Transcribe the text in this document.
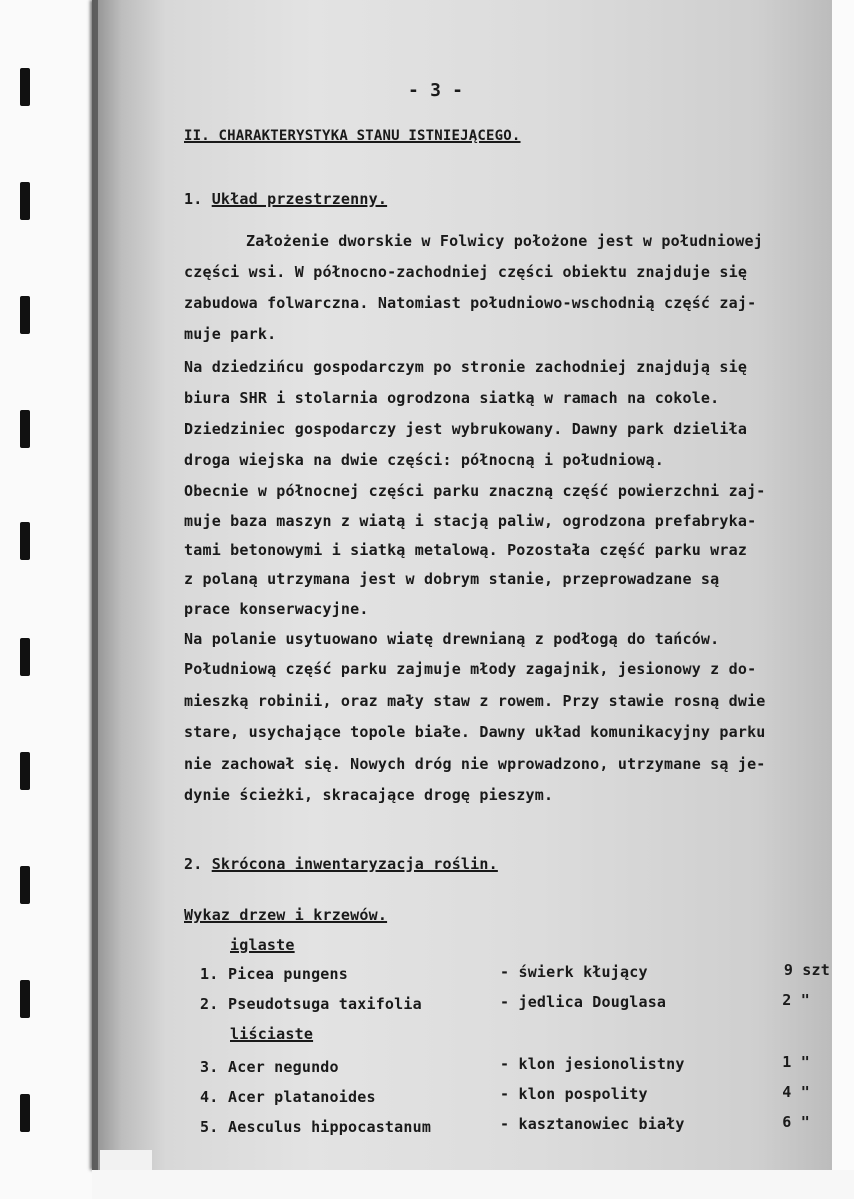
- 3 -
II. CHARAKTERYSTYKA STANU ISTNIEJĄCEGO.
1. Układ przestrzenny.
Założenie dworskie w Folwicy położone jest w południowej
części wsi. W północno-zachodniej części obiektu znajduje się
zabudowa folwarczna. Natomiast południowo-wschodnią część zaj-
muje park.
Na dziedzińcu gospodarczym po stronie zachodniej znajdują się
biura SHR i stolarnia ogrodzona siatką w ramach na cokole.
Dziedziniec gospodarczy jest wybrukowany. Dawny park dzieliła
droga wiejska na dwie części: północną i południową.
Obecnie w północnej części parku znaczną część powierzchni zaj-
muje baza maszyn z wiatą i stacją paliw, ogrodzona prefabryka-
tami betonowymi i siatką metalową. Pozostała część parku wraz
z polaną utrzymana jest w dobrym stanie, przeprowadzane są
prace konserwacyjne.
Na polanie usytuowano wiatę drewnianą z podłogą do tańców.
Południową część parku zajmuje młody zagajnik, jesionowy z do-
mieszką robinii, oraz mały staw z rowem. Przy stawie rosną dwie
stare, usychające topole białe. Dawny układ komunikacyjny parku
nie zachował się. Nowych dróg nie wprowadzono, utrzymane są je-
dynie ścieżki, skracające drogę pieszym.
2. Skrócona inwentaryzacja roślin.
Wykaz drzew i krzewów.
iglaste
1. Picea pungens	- świerk kłujący	9 szt
2. Pseudotsuga taxifolia	- jedlica Douglasa	2 "
liściaste
3. Acer negundo	- klon jesionolistny	1 "
4. Acer platanoides	- klon pospolity	4 "
5. Aesculus hippocastanum	- kasztanowiec biały	6 "
